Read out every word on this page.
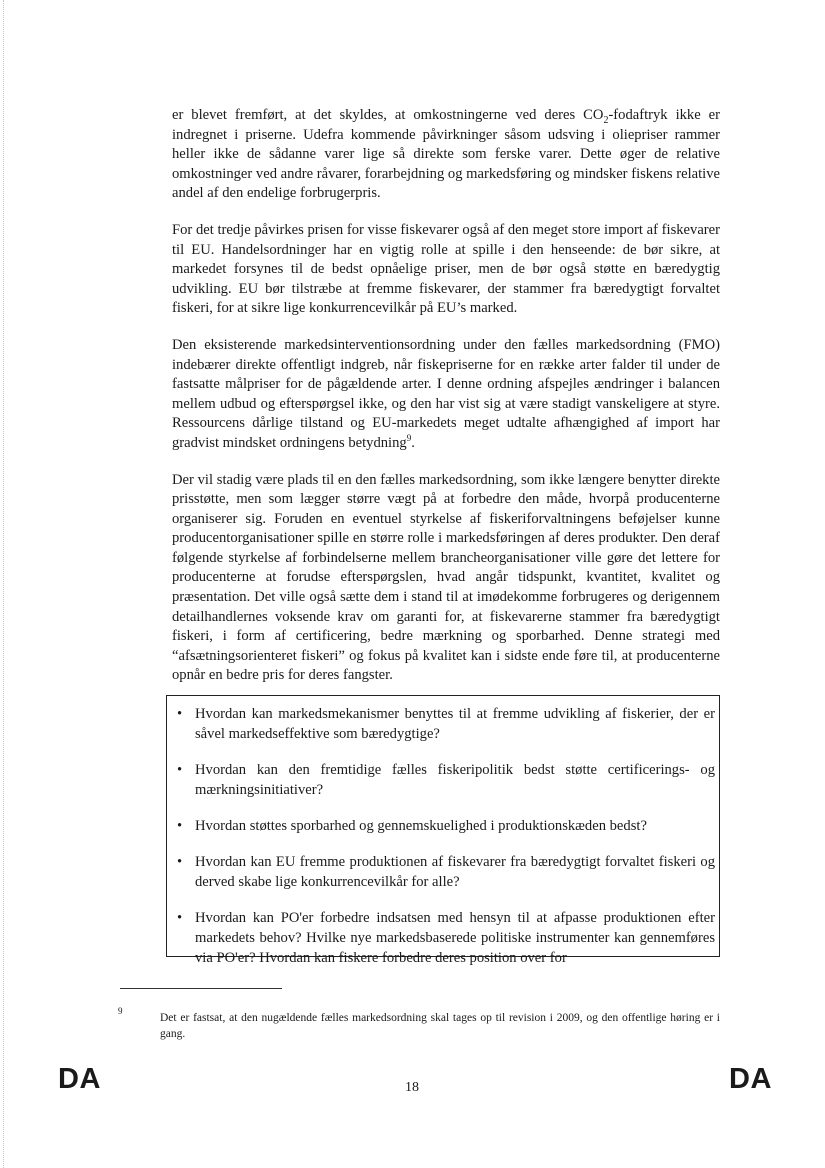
er blevet fremført, at det skyldes, at omkostningerne ved deres $CO_2$-fodaftryk ikke er indregnet i priserne. Udefra kommende påvirkninger såsom udsving i oliepriser rammer heller ikke de sådanne varer lige så direkte som ferske varer. Dette øger de relative omkostninger ved andre råvarer, forarbejdning og markedsføring og mindsker fiskens relative andel af den endelige forbrugerpris.

For det tredje påvirkes prisen for visse fiskevarer også af den meget store import af fiskevarer til EU. Handelsordninger har en vigtig rolle at spille i den henseende: de bør sikre, at markedet forsynes til de bedst opnåelige priser, men de bør også støtte en bæredygtig udvikling. EU bør tilstræbe at fremme fiskevarer, der stammer fra bæredygtigt forvaltet fiskeri, for at sikre lige konkurrencevilkår på EU’s marked.

Den eksisterende markedsinterventionsordning under den fælles markedsordning (FMO) indebærer direkte offentligt indgreb, når fiskepriserne for en række arter falder til under de fastsatte målpriser for de pågældende arter. I denne ordning afspejles ændringer i balancen mellem udbud og efterspørgsel ikke, og den har vist sig at være stadigt vanskeligere at styre. Ressourcens dårlige tilstand og EU-markedets meget udtalte afhængighed af import har gradvist mindsket ordningens betydning$^9$.

Der vil stadig være plads til en den fælles markedsordning, som ikke længere benytter direkte prisstøtte, men som lægger større vægt på at forbedre den måde, hvorpå producenterne organiserer sig. Foruden en eventuel styrkelse af fiskeriforvaltningens beføjelser kunne producentorganisationer spille en større rolle i markedsføringen af deres produkter. Den deraf følgende styrkelse af forbindelserne mellem brancheorganisationer ville gøre det lettere for producenterne at forudse efterspørgslen, hvad angår tidspunkt, kvantitet, kvalitet og præsentation. Det ville også sætte dem i stand til at imødekomme forbrugeres og derigennem detailhandlernes voksende krav om garanti for, at fiskevarerne stammer fra bæredygtigt fiskeri, i form af certificering, bedre mærkning og sporbarhed. Denne strategi med “afsætningsorienteret fiskeri” og fokus på kvalitet kan i sidste ende føre til, at producenterne opnår en bedre pris for deres fangster.

• Hvordan kan markedsmekanismer benyttes til at fremme udvikling af fiskerier, der er såvel markedseffektive som bæredygtige?
• Hvordan kan den fremtidige fælles fiskeripolitik bedst støtte certificerings- og mærkningsinitiativer?
• Hvordan støttes sporbarhed og gennemskuelighed i produktionskæden bedst?
• Hvordan kan EU fremme produktionen af fiskevarer fra bæredygtigt forvaltet fiskeri og derved skabe lige konkurrencevilkår for alle?
• Hvordan kan PO'er forbedre indsatsen med hensyn til at afpasse produktionen efter markedets behov? Hvilke nye markedsbaserede politiske instrumenter kan gennemføres via PO'er? Hvordan kan fiskere forbedre deres position over for
9
Det er fastsat, at den nugældende fælles markedsordning skal tages op til revision i 2009, og den offentlige høring er i gang.
DA	18	DA
